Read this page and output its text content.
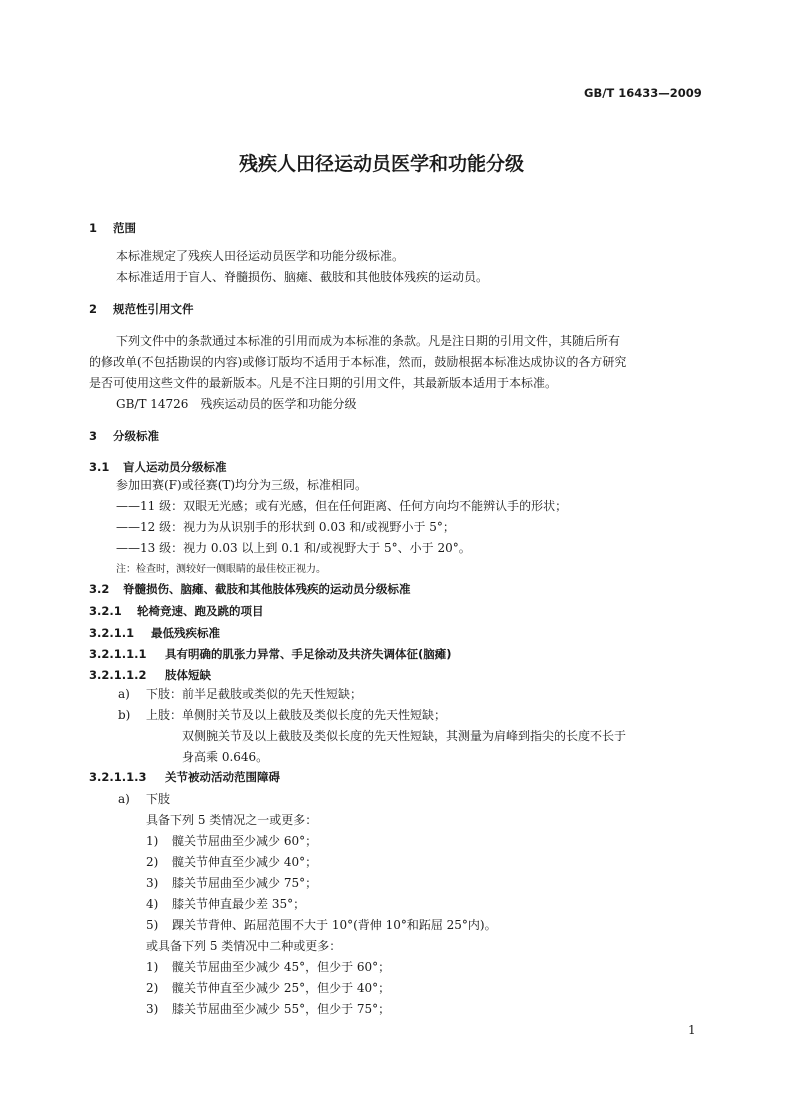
GB/T 16433—2009
残疾人田径运动员医学和功能分级
1 范围
本标准规定了残疾人田径运动员医学和功能分级标准。
本标准适用于盲人、脊髓损伤、脑瘫、截肢和其他肢体残疾的运动员。
2 规范性引用文件
下列文件中的条款通过本标准的引用而成为本标准的条款。凡是注日期的引用文件，其随后所有
的修改单(不包括勘误的内容)或修订版均不适用于本标准，然而，鼓励根据本标准达成协议的各方研究
是否可使用这些文件的最新版本。凡是不注日期的引用文件，其最新版本适用于本标准。
GB/T 14726　残疾运动员的医学和功能分级
3 分级标准
3.1 盲人运动员分级标准
参加田赛(F)或径赛(T)均分为三级，标准相同。
——11 级：双眼无光感；或有光感，但在任何距离、任何方向均不能辨认手的形状；
——12 级：视力为从识别手的形状到 0.03 和/或视野小于 5°；
——13 级：视力 0.03 以上到 0.1 和/或视野大于 5°、小于 20°。
注：检查时，测较好一侧眼睛的最佳校正视力。
3.2 脊髓损伤、脑瘫、截肢和其他肢体残疾的运动员分级标准
3.2.1 轮椅竞速、跑及跳的项目
3.2.1.1 最低残疾标准
3.2.1.1.1 具有明确的肌张力异常、手足徐动及共济失调体征(脑瘫)
3.2.1.1.2 肢体短缺
a) 下肢：前半足截肢或类似的先天性短缺；
b) 上肢：单侧肘关节及以上截肢及类似长度的先天性短缺；
双侧腕关节及以上截肢及类似长度的先天性短缺，其测量为肩峰到指尖的长度不长于
身高乘 0.646。
3.2.1.1.3 关节被动活动范围障碍
a) 下肢
具备下列 5 类情况之一或更多：
1) 髋关节屈曲至少减少 60°；
2) 髋关节伸直至少减少 40°；
3) 膝关节屈曲至少减少 75°；
4) 膝关节伸直最少差 35°；
5) 踝关节背伸、跖屈范围不大于 10°(背伸 10°和跖屈 25°内)。
或具备下列 5 类情况中二种或更多：
1) 髋关节屈曲至少减少 45°，但少于 60°；
2) 髋关节伸直至少减少 25°，但少于 40°；
3) 膝关节屈曲至少减少 55°，但少于 75°；
1
